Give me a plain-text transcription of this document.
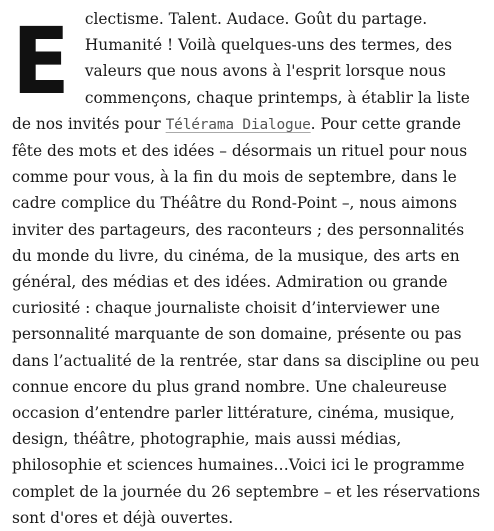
Eclectisme. Talent. Audace. Goût du partage. Humanité ! Voilà quelques-uns des termes, des valeurs que nous avons à l'esprit lorsque nous commençons, chaque printemps, à établir la liste de nos invités pour Télérama Dialogue. Pour cette grande fête des mots et des idées – désormais un rituel pour nous comme pour vous, à la fin du mois de septembre, dans le cadre complice du Théâtre du Rond-Point –, nous aimons inviter des partageurs, des raconteurs ; des personnalités du monde du livre, du cinéma, de la musique, des arts en général, des médias et des idées. Admiration ou grande curiosité : chaque journaliste choisit d’interviewer une personnalité marquante de son domaine, présente ou pas dans l’actualité de la rentrée, star dans sa discipline ou peu connue encore du plus grand nombre. Une chaleureuse occasion d’entendre parler littérature, cinéma, musique, design, théâtre, photographie, mais aussi médias, philosophie et sciences humaines…Voici ici le programme complet de la journée du 26 septembre – et les réservations sont d'ores et déjà ouvertes.
